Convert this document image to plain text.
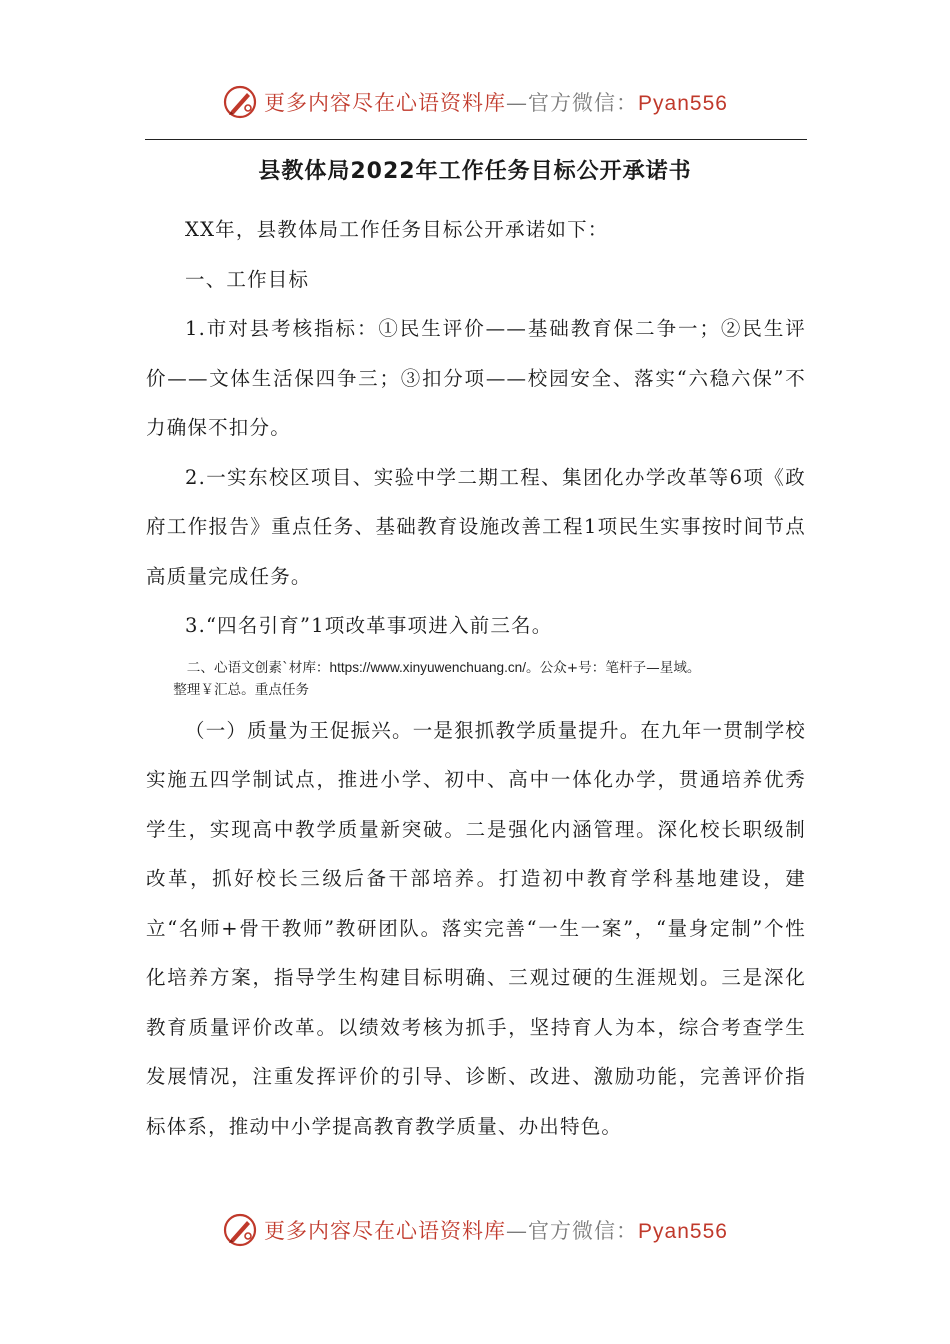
更多内容尽在心语资料库—官方微信：Pyan556
县教体局2022年工作任务目标公开承诺书

XX年，县教体局工作任务目标公开承诺如下：

一、工作目标

1.市对县考核指标：①民生评价——基础教育保二争一；②民生评价——文体生活保四争三；③扣分项——校园安全、落实“六稳六保”不力确保不扣分。

2.一实东校区项目、实验中学二期工程、集团化办学改革等6项《政府工作报告》重点任务、基础教育设施改善工程1项民生实事按时间节点高质量完成任务。

3.“四名引育”1项改革事项进入前三名。

二、心语文创素`材库：https://www.xinyuwenchuang.cn/。公众+号：笔杆子—星域。

整理￥汇总。重点任务

（一）质量为王促振兴。一是狠抓教学质量提升。在九年一贯制学校实施五四学制试点，推进小学、初中、高中一体化办学，贯通培养优秀学生，实现高中教学质量新突破。二是强化内涵管理。深化校长职级制改革，抓好校长三级后备干部培养。打造初中教育学科基地建设，建立“名师+骨干教师”教研团队。落实完善“一生一案”，“量身定制”个性化培养方案，指导学生构建目标明确、三观过硬的生涯规划。三是深化教育质量评价改革。以绩效考核为抓手，坚持育人为本，综合考查学生发展情况，注重发挥评价的引导、诊断、改进、激励功能，完善评价指标体系，推动中小学提高教育教学质量、办出特色。

更多内容尽在心语资料库—官方微信：Pyan556
